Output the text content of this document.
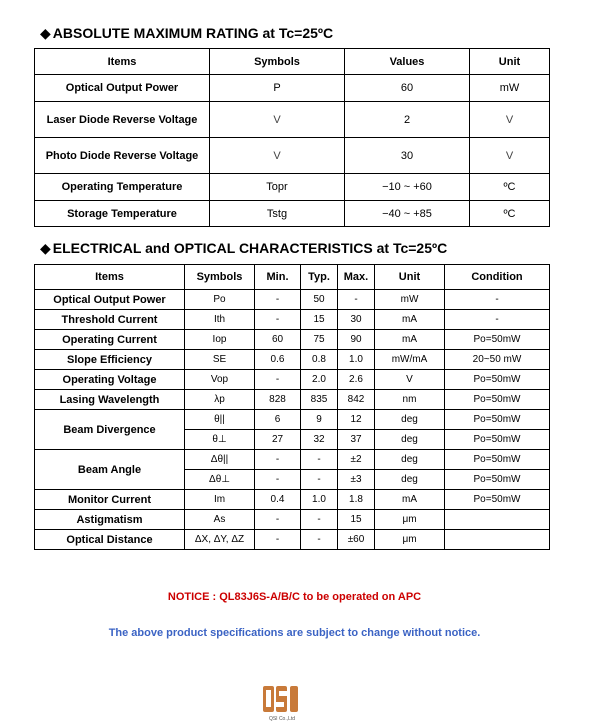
◆ ABSOLUTE MAXIMUM RATING at Tc=25ºC
Items	Symbols	Values	Unit
Optical Output Power	P	60	mW
Laser Diode Reverse Voltage	V	2	V
Photo Diode Reverse Voltage	V	30	V
Operating Temperature	Topr	−10 ~ +60	ºC
Storage Temperature	Tstg	−40 ~ +85	ºC
◆ ELECTRICAL and OPTICAL CHARACTERISTICS at Tc=25ºC
Items	Symbols	Min.	Typ.	Max.	Unit	Condition
Optical Output Power	Po	-	50	-	mW	-
Threshold Current	Ith	-	15	30	mA	-
Operating Current	Iop	60	75	90	mA	Po=50mW
Slope Efficiency	SE	0.6	0.8	1.0	mW/mA	20~50 mW
Operating Voltage	Vop	-	2.0	2.6	V	Po=50mW
Lasing Wavelength	λp	828	835	842	nm	Po=50mW
Beam Divergence	θ||	6	9	12	deg	Po=50mW
	θ⊥	27	32	37	deg	Po=50mW
Beam Angle	Δθ||	-	-	±2	deg	Po=50mW
	Δθ⊥	-	-	±3	deg	Po=50mW
Monitor Current	Im	0.4	1.0	1.8	mA	Po=50mW
Astigmatism	As	-	-	15	μm	
Optical Distance	ΔX, ΔY, ΔZ	-	-	±60	μm	
NOTICE : QL83J6S-A/B/C to be operated on APC
The above product specifications are subject to change without notice.
QSI Co.,Ltd
